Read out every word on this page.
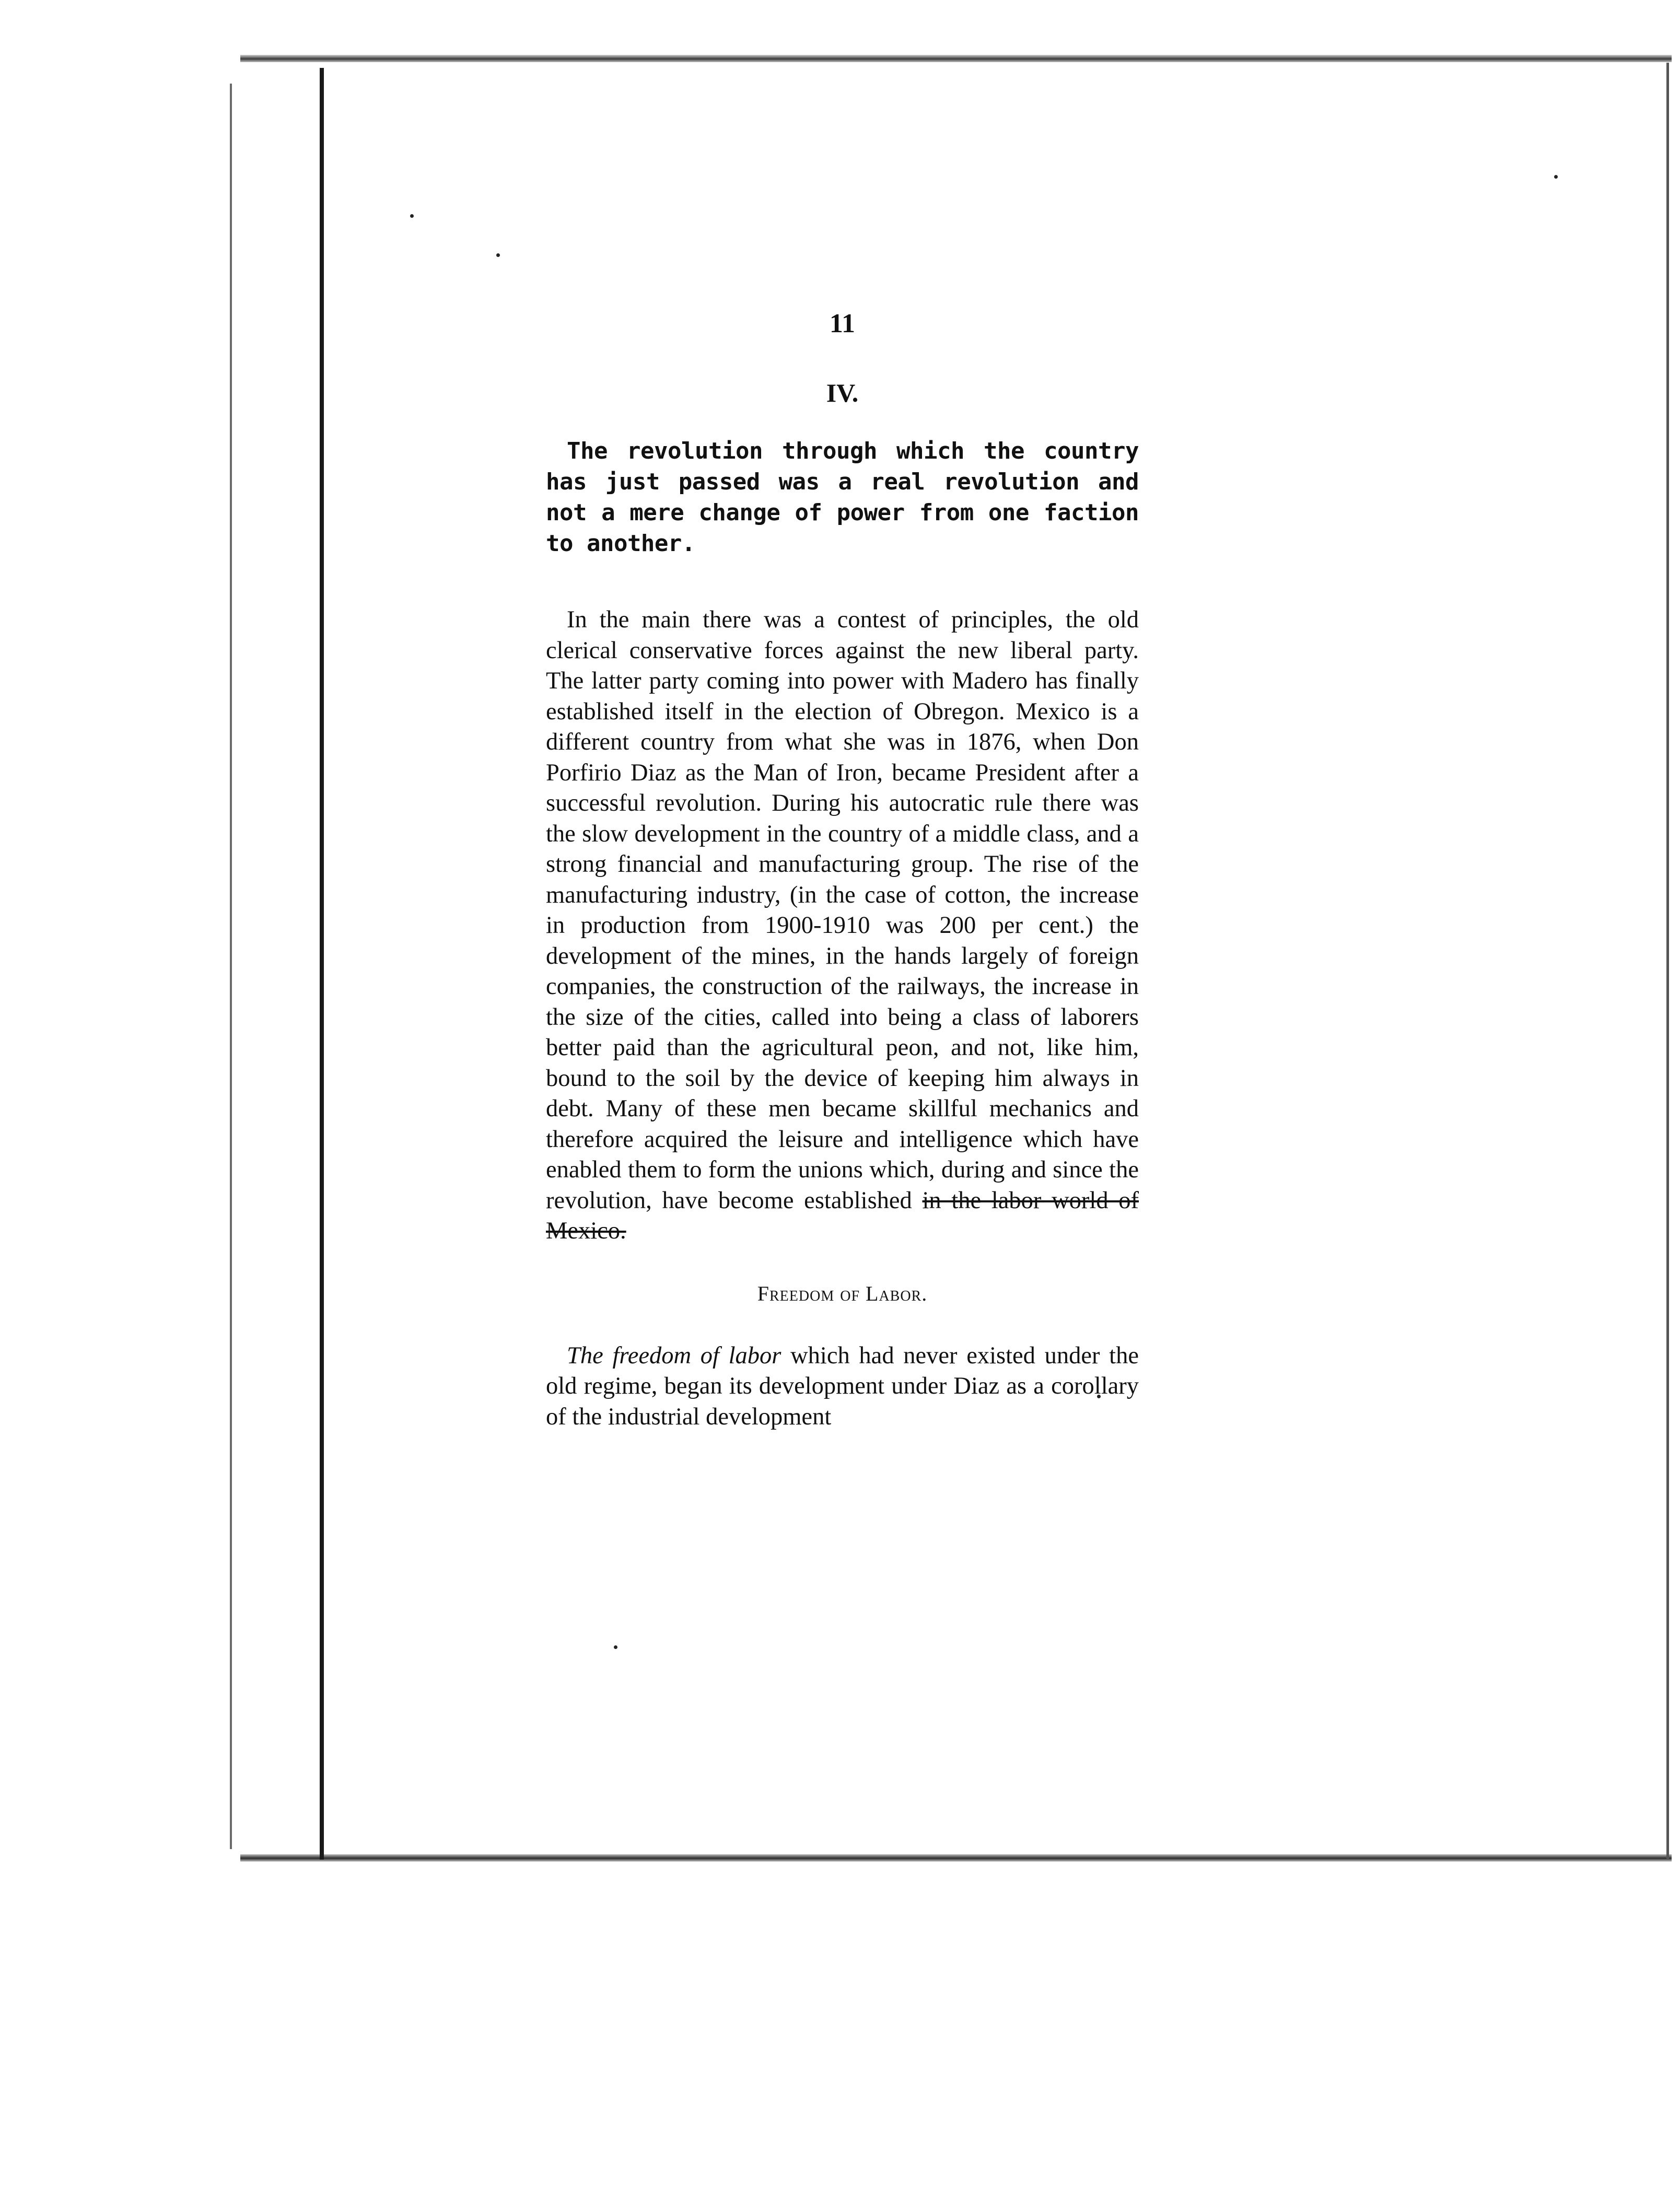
11
IV.

The revolution through which the country has just passed was a real revolution and not a mere change of power from one faction to another.

In the main there was a contest of principles, the old clerical conservative forces against the new liberal party. The latter party coming into power with Madero has finally established itself in the election of Obregon. Mexico is a different country from what she was in 1876, when Don Porfirio Diaz as the Man of Iron, became President after a successful revolution. During his autocratic rule there was the slow development in the country of a middle class, and a strong financial and manufacturing group. The rise of the manufacturing industry, (in the case of cotton, the increase in production from 1900-1910 was 200 per cent.) the development of the mines, in the hands largely of foreign companies, the construction of the railways, the increase in the size of the cities, called into being a class of laborers better paid than the agricultural peon, and not, like him, bound to the soil by the device of keeping him always in debt. Many of these men became skillful mechanics and therefore acquired the leisure and intelligence which have enabled them to form the unions which, during and since the revolution, have become established in the labor world of Mexico.

Freedom of Labor.

The freedom of labor which had never existed under the old regime, began its development under Diaz as a corollary of the industrial development
